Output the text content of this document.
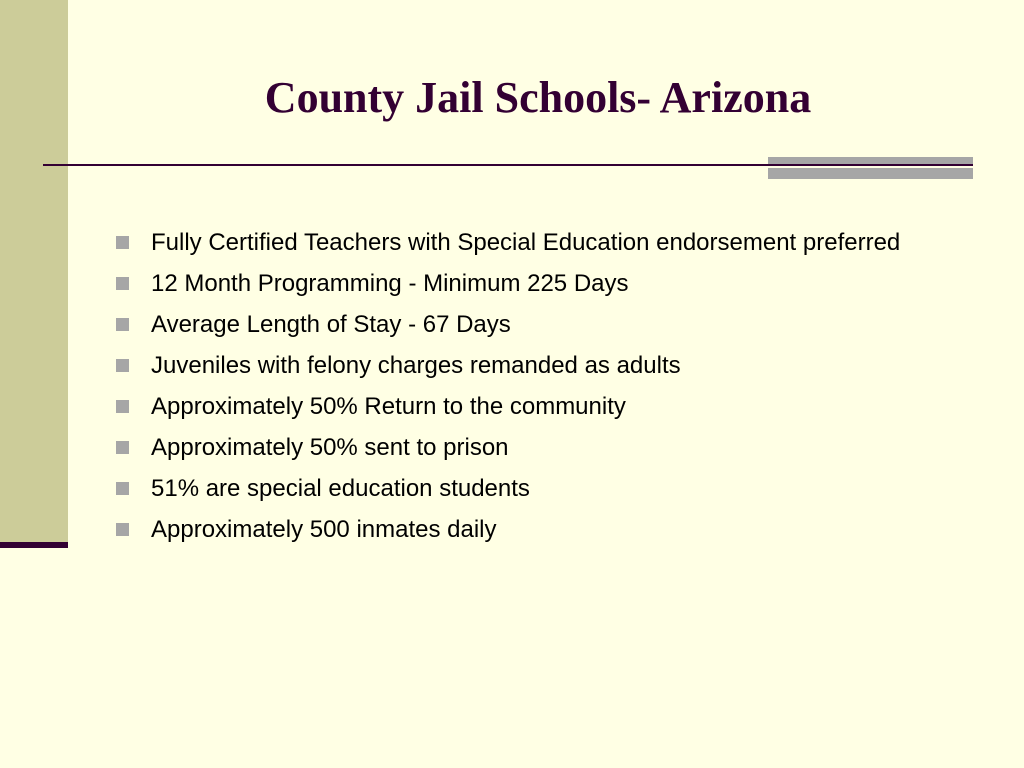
County Jail Schools- Arizona
Fully Certified Teachers with Special Education endorsement preferred
12 Month Programming - Minimum 225 Days
Average Length of Stay - 67 Days
Juveniles with felony charges remanded as adults
Approximately 50% Return to the community
Approximately 50% sent to prison
51% are special education students
Approximately 500 inmates daily
